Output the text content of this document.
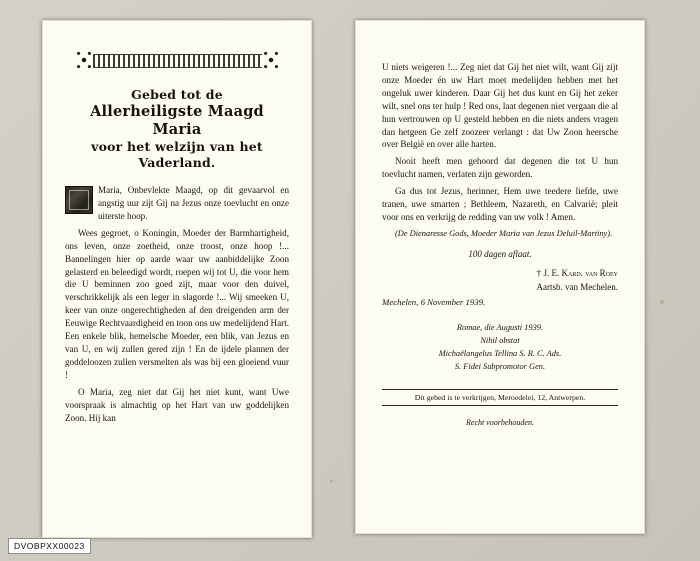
Gebed tot de
Allerheiligste Maagd Maria
voor het welzijn van het Vaderland.

Maria, Onbevlekte Maagd, op dit gevaarvol en angstig uur zijt Gij na Jezus onze toevlucht en onze uiterste hoop.

Wees gegroet, o Koningin, Moeder der Barmhartigheid, ons leven, onze zoetheid, onze troost, onze hoop !... Bannelingen hier op aarde waar uw aanbiddelijke Zoon gelasterd en beleedigd wordt, roepen wij tot U, die voor hem die U beminnen zoo goed zijt, maar voor den duivel, verschrikkelijk als een leger in slagorde !... Wij smeeken U, keer van onze ongerechtigheden af den dreigenden arm der Eeuwige Rechtvaardigheid en toon ons uw medelijdend Hart. Een enkele blik, hemelsche Moeder, een blik, van Jezus en van U, en wij zullen gered zijn ! En de ijdele plannen der goddeloozen zullen versmelten als was bij een gloeiend vuur !

O Maria, zeg niet dat Gij het niet kunt, want Uwe voorspraak is almachtig op het Hart van uw goddelijken Zoon. Hij kan

U niets weigeren !... Zeg niet dat Gij het niet wilt, want Gij zijt onze Moeder én uw Hart moet medelijden hebben met het ongeluk uwer kinderen. Daar Gij het dus kunt en Gij het zeker wilt, snel ons ter hulp ! Red ons, laat degenen niet vergaan die al hun vertrouwen op U gesteld hebben en die niets anders vragen dan hetgeen Ge zelf zoozeer verlangt : dat Uw Zoon heersche over België en over alle harten.

Nooit heeft men gehoord dat degenen die tot U hun toevlucht namen, verlaten zijn geworden.

Ga dus tot Jezus, herinner, Hem uwe teedere liefde, uwe tranen, uwe smarten ; Bethleem, Nazareth, en Calvarië; pleit voor ons en verkrijg de redding van uw volk ! Amen.

(De Dienaresse Gods, Moeder Maria van Jezus Deluil-Martiny).

100 dagen aflaat.
† J. E. Kard. van Roey
Aartsb. van Mechelen.
Mechelen, 6 November 1939.
Romae, die Augusti 1939.
Nihil obstat
Michaëlangelus Tellina S. R. C. Ads.
S. Fidei Subpromotor Gen.
Dit gebed is te verkrijgen, Meroedelei, 12, Antwerpen.
Recht voorbehouden.
DVOBPXX00023
